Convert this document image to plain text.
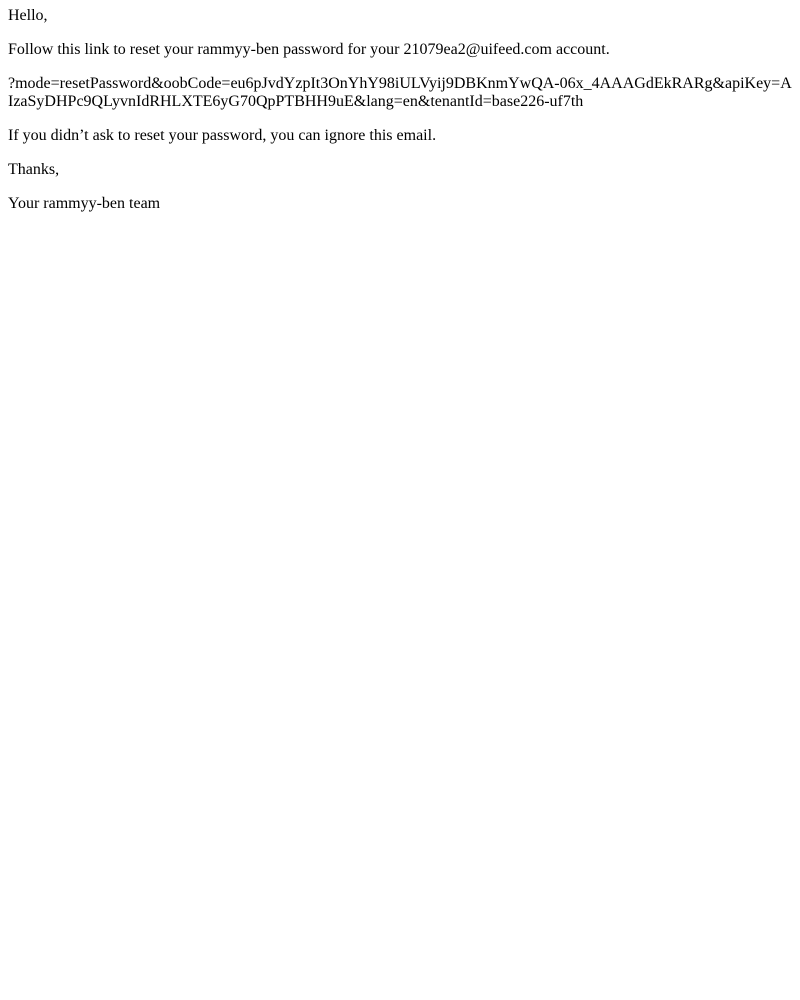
Hello,

Follow this link to reset your rammyy-ben password for your 21079ea2@uifeed.com account.

?mode=resetPassword&oobCode=eu6pJvdYzpIt3OnYhY98iULVyij9DBKnmYwQA-06x_4AAAGdEkRARg&apiKey=AIzaSyDHPc9QLyvnIdRHLXTE6yG70QpPTBHH9uE&lang=en&tenantId=base226-uf7th

If you didn’t ask to reset your password, you can ignore this email.

Thanks,

Your rammyy-ben team
